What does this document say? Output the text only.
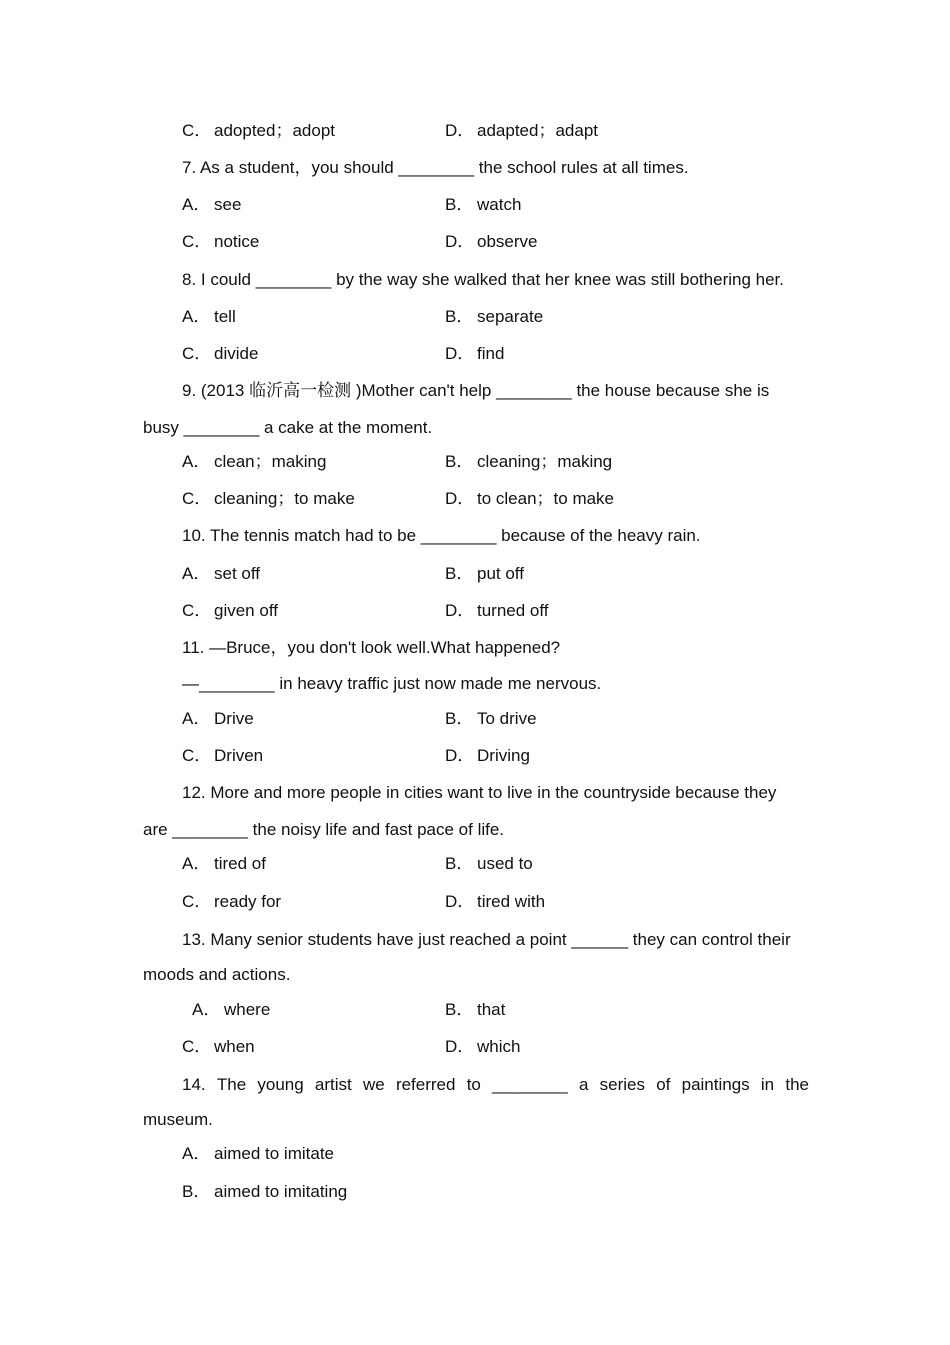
C． adopted；adopt	D． adapted；adapt
7. As a student，you should ________ the school rules at all times.
A． see	B． watch
C． notice	D． observe
8. I could ________ by the way she walked that her knee was still bothering her.
A． tell	B． separate
C． divide	D． find
9. (2013 临沂高一检测 )Mother can't help ________ the house because she is
busy ________ a cake at the moment.
A． clean；making	B． cleaning；making
C． cleaning；to make	D． to clean；to make
10. The tennis match had to be ________ because of the heavy rain.
A． set off	B． put off
C． given off	D． turned off
11. —Bruce，you don't look well.What happened?
—________ in heavy traffic just now made me nervous.
A． Drive	B． To drive
C． Driven	D． Driving
12. More and more people in cities want to live in the countryside because they
are ________ the noisy life and fast pace of life.
A． tired of	B． used to
C． ready for	D． tired with
13. Many senior students have just reached a point ______ they can control their
moods and actions.
A． where	B． that
C． when	D． which
14. The young artist we referred to ________ a series of paintings in the
museum.
A． aimed to imitate
B． aimed to imitating
